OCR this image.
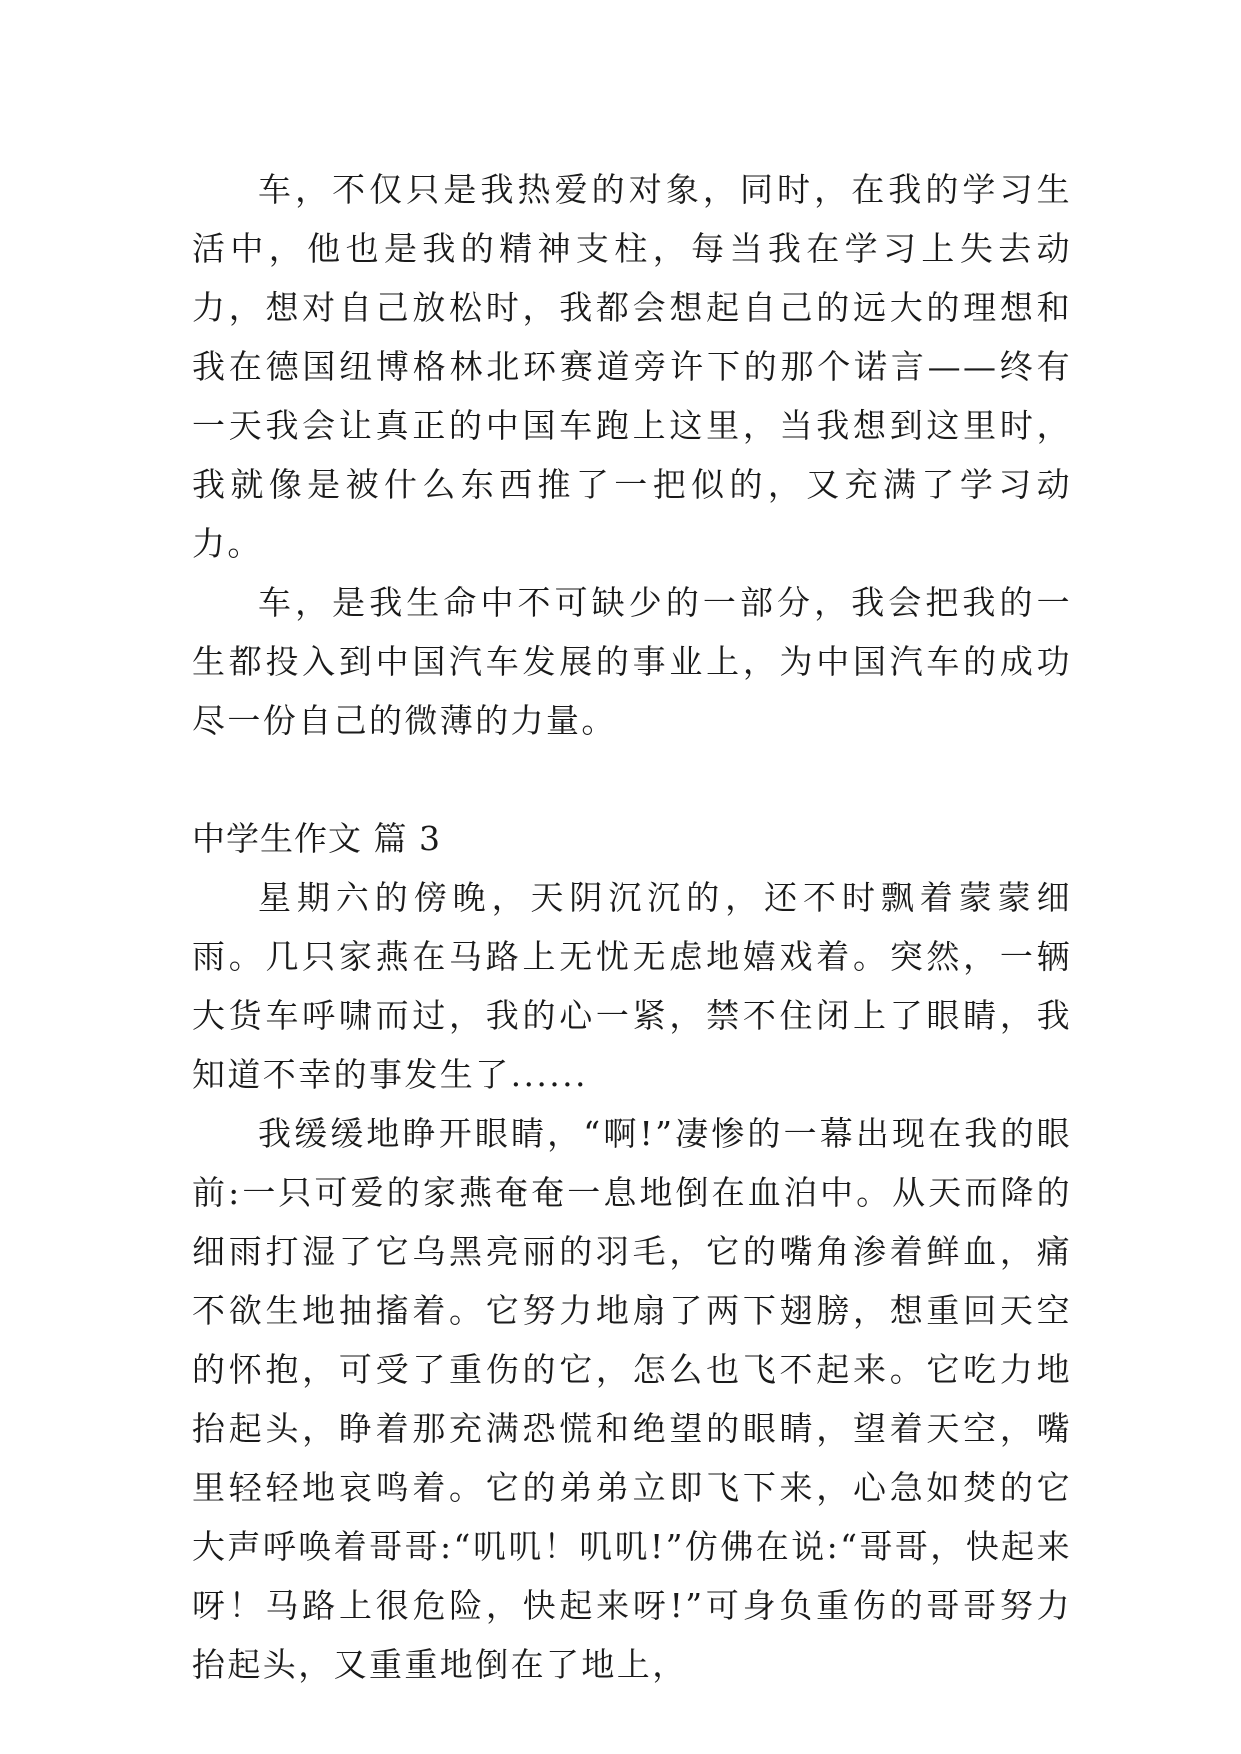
车，不仅只是我热爱的对象，同时，在我的学习生活中，他也是我的精神支柱，每当我在学习上失去动力，想对自己放松时，我都会想起自己的远大的理想和我在德国纽博格林北环赛道旁许下的那个诺言——终有一天我会让真正的中国车跑上这里，当我想到这里时，我就像是被什么东西推了一把似的，又充满了学习动力。

车，是我生命中不可缺少的一部分，我会把我的一生都投入到中国汽车发展的事业上，为中国汽车的成功尽一份自己的微薄的力量。

中学生作文 篇 3

星期六的傍晚，天阴沉沉的，还不时飘着蒙蒙细雨。几只家燕在马路上无忧无虑地嬉戏着。突然，一辆大货车呼啸而过，我的心一紧，禁不住闭上了眼睛，我知道不幸的事发生了......

我缓缓地睁开眼睛，“啊!”凄惨的一幕出现在我的眼前:一只可爱的家燕奄奄一息地倒在血泊中。从天而降的细雨打湿了它乌黑亮丽的羽毛，它的嘴角渗着鲜血，痛不欲生地抽搐着。它努力地扇了两下翅膀，想重回天空的怀抱，可受了重伤的它，怎么也飞不起来。它吃力地抬起头，睁着那充满恐慌和绝望的眼睛，望着天空，嘴里轻轻地哀鸣着。它的弟弟立即飞下来，心急如焚的它大声呼唤着哥哥:“叽叽！叽叽!”仿佛在说:“哥哥，快起来呀！马路上很危险，快起来呀!”可身负重伤的哥哥努力抬起头，又重重地倒在了地上，
